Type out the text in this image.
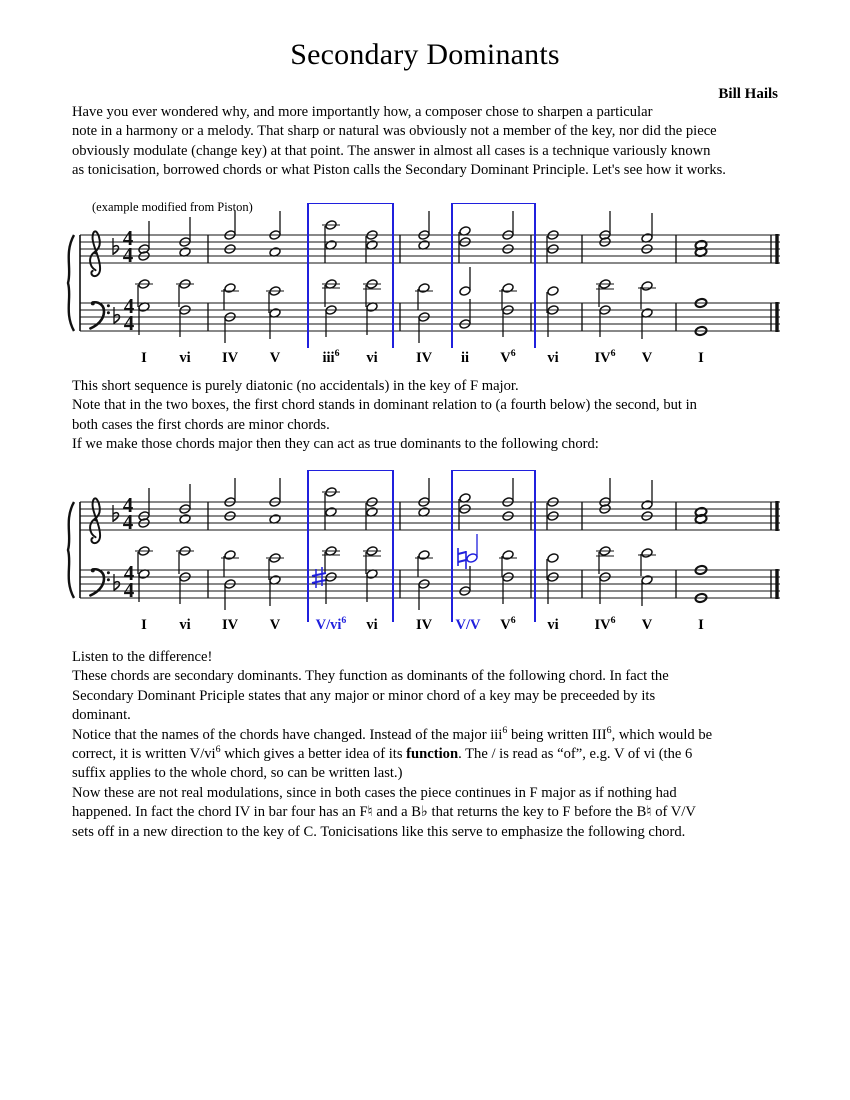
Secondary Dominants
Bill Hails

Have you ever wondered why, and more importantly how, a composer chose to sharpen a particular

note in a harmony or a melody. That sharp or natural was obviously not a member of the key, nor did the piece

obviously modulate (change key) at that point. The answer in almost all cases is a technique variously known

as tonicisation, borrowed chords or what Piston calls the Secondary Dominant Principle. Let's see how it works.

(example modified from Piston)
4
4
4
4
I vi IV V	iii$^6$ vi	IV ii $V^6$ vi $IV^6$ V	I

This short sequence is purely diatonic (no accidentals) in the key of F major.

Note that in the two boxes, the first chord stands in dominant relation to (a fourth below) the second, but in

both cases the first chords are minor chords.

If we make those chords major then they can act as true dominants to the following chord:

4
4
4
4
I vi IV V $V/vi^6$ vi	IV V/V $V^6$ vi $IV^6$ V	I

Listen to the difference!

These chords are secondary dominants. They function as dominants of the following chord. In fact the

Secondary Dominant Priciple states that any major or minor chord of a key may be preceeded by its

dominant.

Notice that the names of the chords have changed. Instead of the major iii$^6$ being written III$^6$, which would be

correct, it is written $V/vi^6$ which gives a better idea of its function. The / is read as “of”, e.g. V of vi (the 6

suffix applies to the whole chord, so can be written last.)

Now these are not real modulations, since in both cases the piece continues in F major as if nothing had

happened. In fact the chord IV in bar four has an F♮ and a B♭ that returns the key to F before the B♮ of V/V

sets off in a new direction to the key of C. Tonicisations like this serve to emphasize the following chord.
